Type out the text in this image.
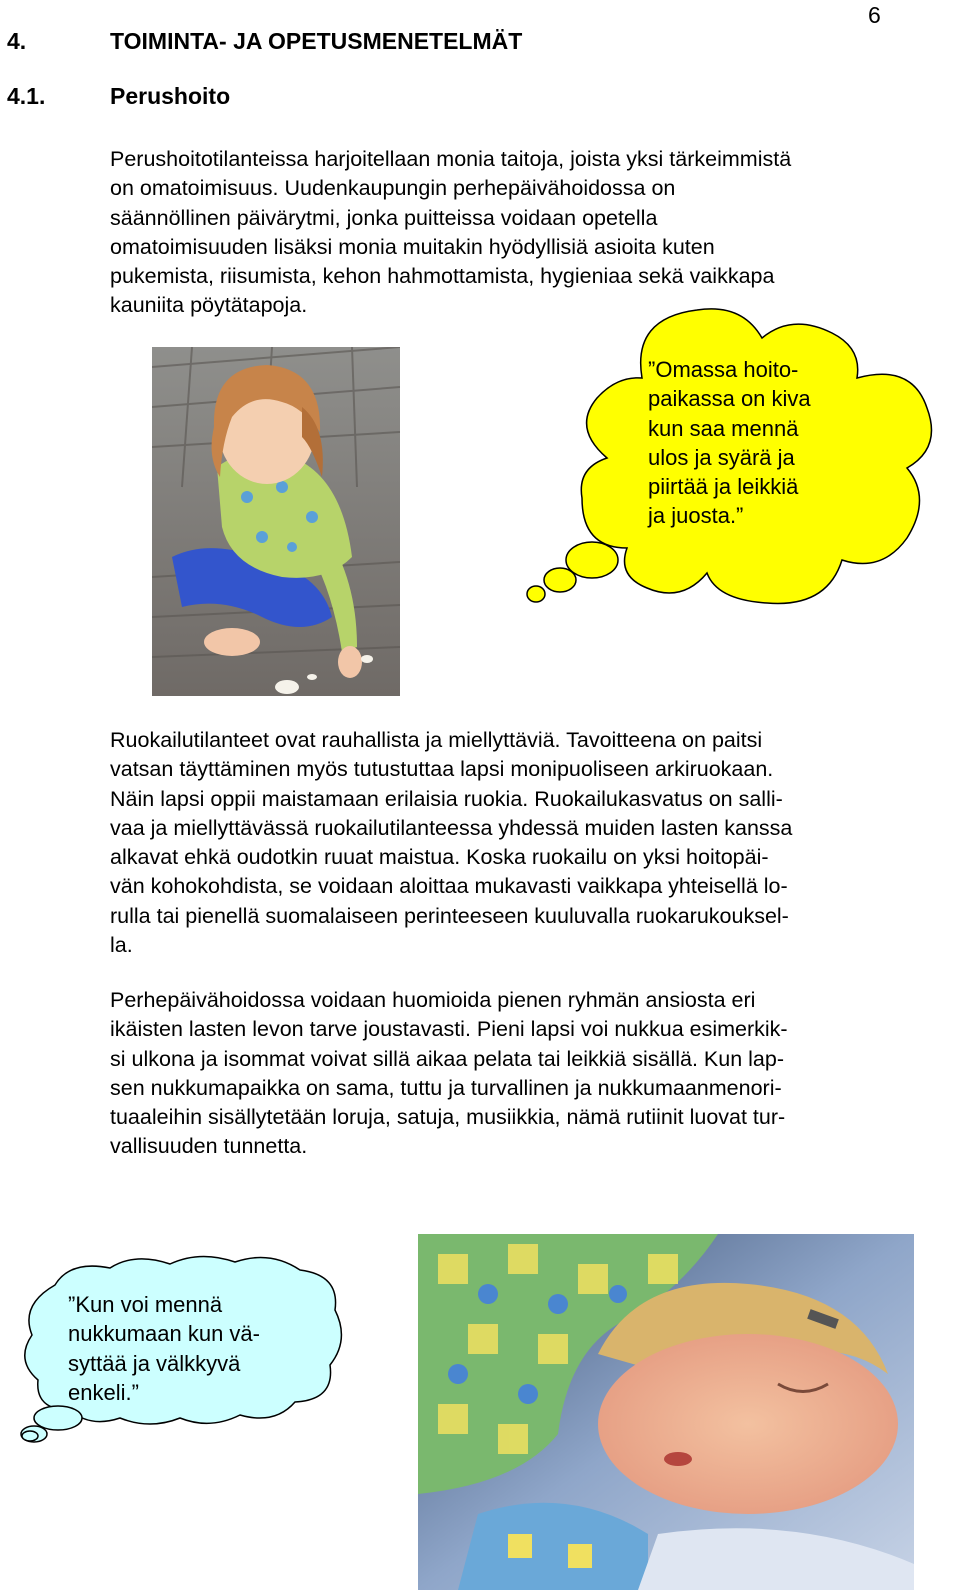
6
4.	TOIMINTA- JA OPETUSMENETELMÄT
4.1.	Perushoito
Perushoitotilanteissa harjoitellaan monia taitoja, joista yksi tärkeimmistä
on omatoimisuus. Uudenkaupungin perhepäivähoidossa on
säännöllinen päivärytmi, jonka puitteissa voidaan opetella
omatoimisuuden lisäksi monia muitakin hyödyllisiä asioita kuten
pukemista, riisumista, kehon hahmottamista, hygieniaa sekä vaikkapa
kauniita pöytätapoja.
”Omassa hoito-
paikassa on kiva
kun saa mennä
ulos ja syärä ja
piirtää ja leikkiä
ja juosta.”
Ruokailutilanteet ovat rauhallista ja miellyttäviä. Tavoitteena on paitsi
vatsan täyttäminen myös tutustuttaa lapsi monipuoliseen arkiruokaan.
Näin lapsi oppii maistamaan erilaisia ruokia. Ruokailukasvatus on salli-
vaa ja miellyttävässä ruokailutilanteessa yhdessä muiden lasten kanssa
alkavat ehkä oudotkin ruuat maistua. Koska ruokailu on yksi hoitopäi-
vän kohokohdista, se voidaan aloittaa mukavasti vaikkapa yhteisellä lo-
rulla tai pienellä suomalaiseen perinteeseen kuuluvalla ruokarukouksel-
la.
Perhepäivähoidossa voidaan huomioida pienen ryhmän ansiosta eri
ikäisten lasten levon tarve joustavasti. Pieni lapsi voi nukkua esimerkik-
si ulkona ja isommat voivat sillä aikaa pelata tai leikkiä sisällä. Kun lap-
sen nukkumapaikka on sama, tuttu ja turvallinen ja nukkumaanmenori-
tuaaleihin sisällytetään loruja, satuja, musiikkia, nämä rutiinit luovat tur-
vallisuuden tunnetta.
”Kun voi mennä
nukkumaan kun vä-
syttää ja välkkyvä
enkeli.”
